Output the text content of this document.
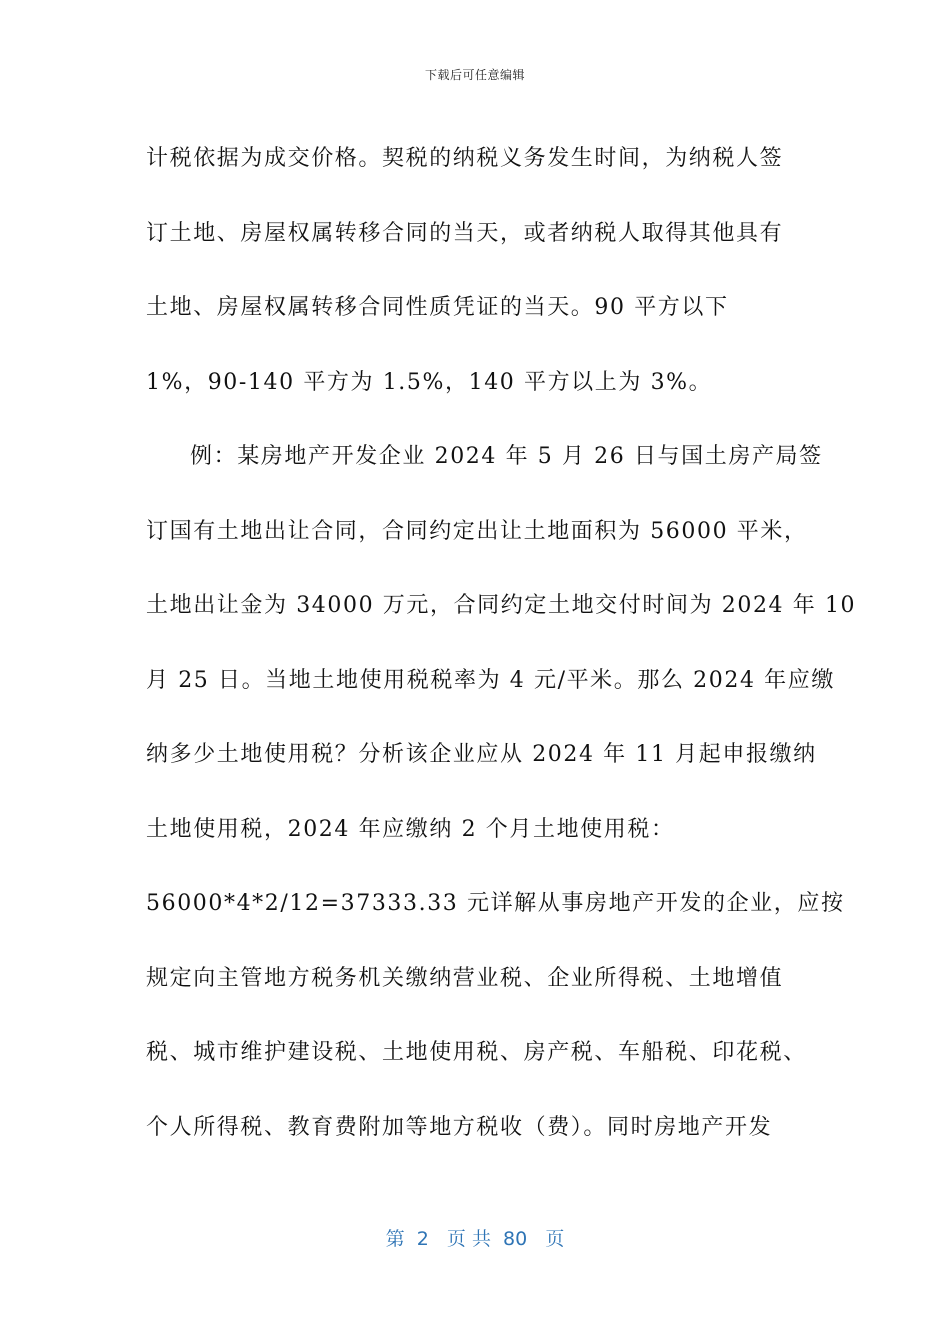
下载后可任意编辑
计税依据为成交价格。契税的纳税义务发生时间，为纳税人签
订土地、房屋权属转移合同的当天，或者纳税人取得其他具有
土地、房屋权属转移合同性质凭证的当天。90 平方以下
1%，90-140 平方为 1.5%，140 平方以上为 3%。
例：某房地产开发企业 2024 年 5 月 26 日与国土房产局签
订国有土地出让合同，合同约定出让土地面积为 56000 平米，
土地出让金为 34000 万元，合同约定土地交付时间为 2024 年 10
月 25 日。当地土地使用税税率为 4 元/平米。那么 2024 年应缴
纳多少土地使用税？分析该企业应从 2024 年 11 月起申报缴纳
土地使用税，2024 年应缴纳 2 个月土地使用税：
56000*4*2/12=37333.33 元详解从事房地产开发的企业，应按
规定向主管地方税务机关缴纳营业税、企业所得税、土地增值
税、城市维护建设税、土地使用税、房产税、车船税、印花税、
个人所得税、教育费附加等地方税收（费）。同时房地产开发
第  2   页 共  80   页
